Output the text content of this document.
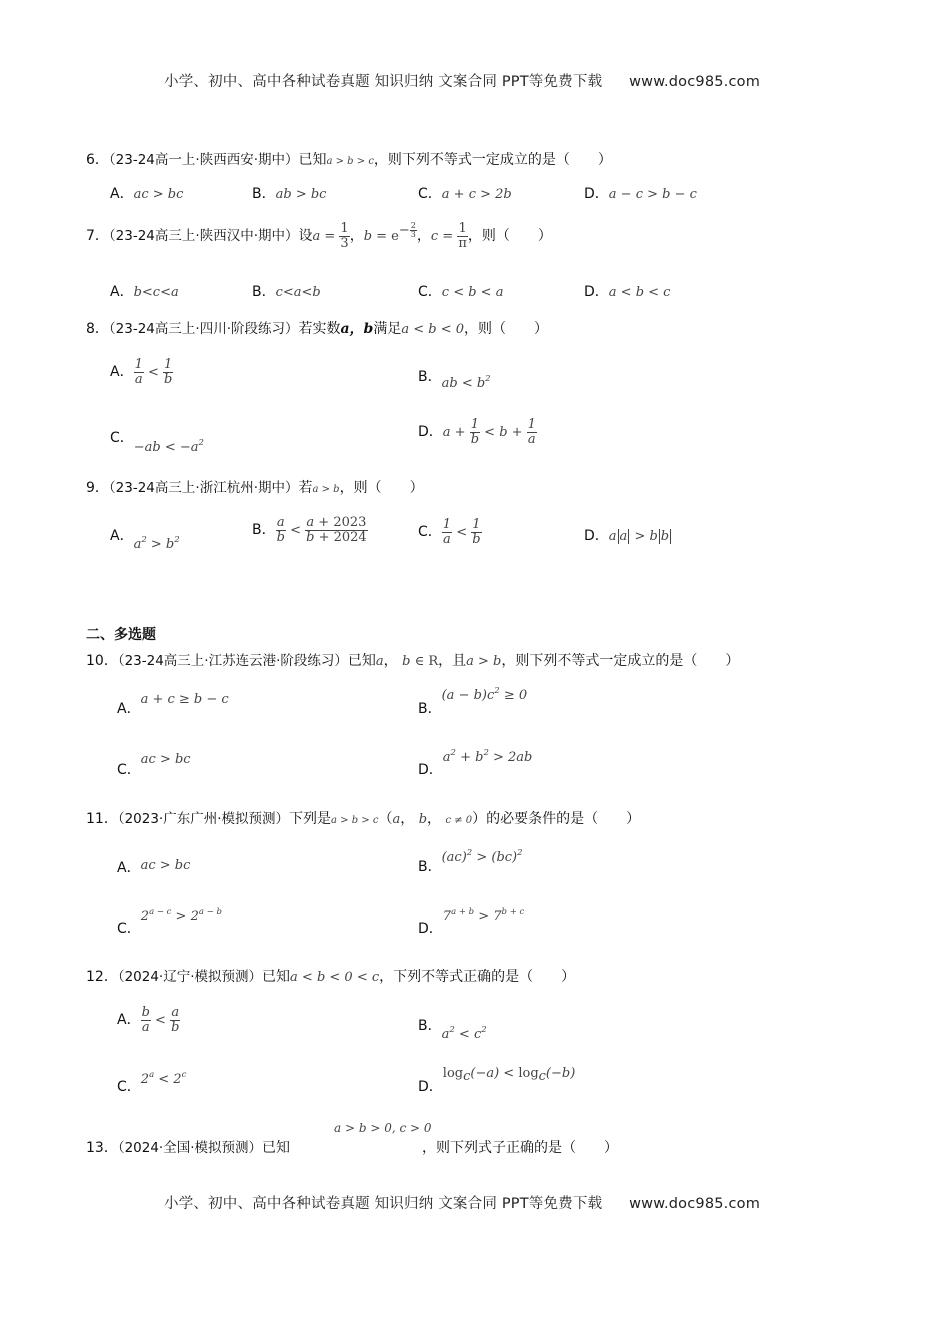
小学、初中、高中各种试卷真题 知识归纳 文案合同 PPT等免费下载 www.doc985.com
6．（23-24高一上·陕西西安·期中）已知a > b > c，则下列不等式一定成立的是（　　）
A．ac > bc	B．ab > bc	C．a + c > 2b	D．a − c > b − c
7．（23-24高三上·陕西汉中·期中）设$a = \frac{1}{3}$ ，$b = e^{- \frac{2}{3}}$ ，$c = \frac{1}{\pi}$ ，则（　　）
A．b<c<a	B．c<a<b	C．c < b < a	D．a < b < c
8．（23-24高三上·四川·阶段练习）若实数a，b满足a < b < 0，则（　　）
A． $\frac{1}{a} < \frac{1}{b}$	B．ab < $b^2$
C．$-ab < -a^2$
D．$a + \frac{1}{b} < b + \frac{1}{a}$
9．（23-24高三上·浙江杭州·期中）若a > b，则（　　）
A．$a^2 > b^2$
B． $\frac{a}{b} < \frac{a + 2023}{b + 2024}$	C． $\frac{1}{a} < \frac{1}{b}$	D．a a > b b
二、多选题
10．（23-24高三上·江苏连云港·阶段练习）已知a， b ∈ R，且a > b，则下列不等式一定成立的是（　　）
A．a + c ≥ b − c
B．$(a - b)c^2 \ge 0$
C．ac > bc
D．$a^2 + b^2 > 2ab$
11．（2023·广东广州·模拟预测）下列是a > b > c（a， b， c ≠ 0）的必要条件的是（　　）
A．ac > bc	B．(ac)$^2$ > (bc)$^2$
C．$2^{a - c} > 2^{a - b}$
D．$7^{a + b} > 7^{b + c}$
12．（2024·辽宁·模拟预测）已知a < b < 0 < c，下列不等式正确的是（　　）
A． $\frac{b}{a} < \frac{a}{b}$	B．$a^2 < c^2$
C．$2^a < 2^c$
D．$\log_c(-a) < \log_c(-b)$
a > b > 0, c > 0
13．（2024·全国·模拟预测）已知	，则下列式子正确的是（　　）
小学、初中、高中各种试卷真题 知识归纳 文案合同 PPT等免费下载 www.doc985.com
